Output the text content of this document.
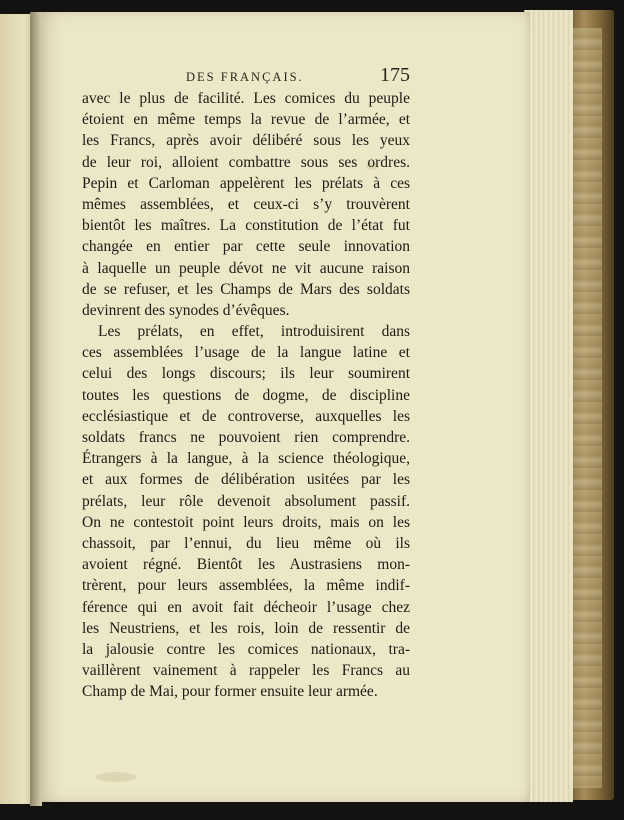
DES FRANÇAIS.	175
avec le plus de facilité. Les comices du peuple
étoient en même temps la revue de l’armée, et
les Francs, après avoir délibéré sous les yeux
de leur roi, alloient combattre sous ses ordres.
Pepin et Carloman appelèrent les prélats à ces
mêmes assemblées, et ceux-ci s’y trouvèrent
bientôt les maîtres. La constitution de l’état fut
changée en entier par cette seule innovation
à laquelle un peuple dévot ne vit aucune raison
de se refuser, et les Champs de Mars des soldats
devinrent des synodes d’évêques.
Les prélats, en effet, introduisirent dans
ces assemblées l’usage de la langue latine et
celui des longs discours; ils leur soumirent
toutes les questions de dogme, de discipline
ecclésiastique et de controverse, auxquelles les
soldats francs ne pouvoient rien comprendre.
Étrangers à la langue, à la science théologique,
et aux formes de délibération usitées par les
prélats, leur rôle devenoit absolument passif.
On ne contestoit point leurs droits, mais on les
chassoit, par l’ennui, du lieu même où ils
avoient régné. Bientôt les Austrasiens mon-
trèrent, pour leurs assemblées, la même indif-
férence qui en avoit fait décheoir l’usage chez
les Neustriens, et les rois, loin de ressentir de
la jalousie contre les comices nationaux, tra-
vaillèrent vainement à rappeler les Francs au
Champ de Mai, pour former ensuite leur armée.
